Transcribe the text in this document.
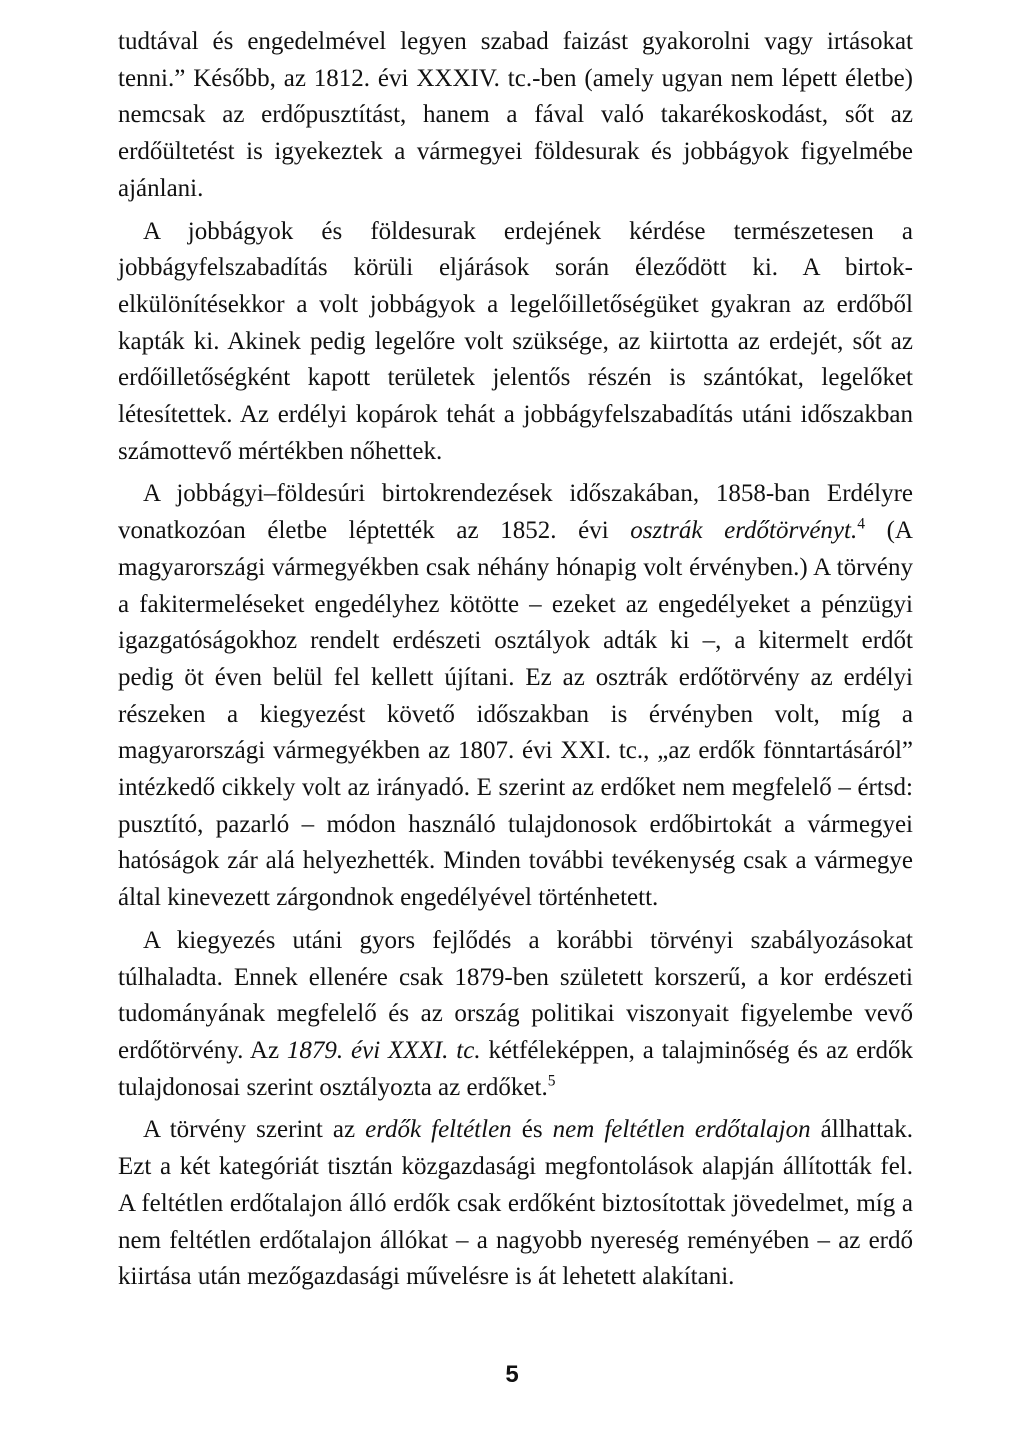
tudtával és engedelmével legyen szabad faizást gyakorolni vagy irtásokat tenni.” Később, az 1812. évi XXXIV. tc.-ben (amely ugyan nem lépett életbe) nemcsak az erdőpusztítást, hanem a fával való takarékoskodást, sőt az erdőültetést is igyekeztek a vármegyei földesurak és jobbágyok figyelmébe ajánlani.

A jobbágyok és földesurak erdejének kérdése természetesen a jobbágyfelszabadítás körüli eljárások során éleződött ki. A birtok-elkülönítésekkor a volt jobbágyok a legelőilletőségüket gyakran az erdőből kapták ki. Akinek pedig legelőre volt szüksége, az kiirtotta az erdejét, sőt az erdőilletőségként kapott területek jelentős részén is szántókat, legelőket létesítettek. Az erdélyi kopárok tehát a jobbágyfelszabadítás utáni időszakban számottevő mértékben nőhettek.

A jobbágyi–földesúri birtokrendezések időszakában, 1858-ban Erdélyre vonatkozóan életbe léptették az 1852. évi osztrák erdőtörvényt.$^4$ (A magyarországi vármegyékben csak néhány hónapig volt érvényben.) A törvény a fakitermeléseket engedélyhez kötötte – ezeket az engedélyeket a pénzügyi igazgatóságokhoz rendelt erdészeti osztályok adták ki –, a kitermelt erdőt pedig öt éven belül fel kellett újítani. Ez az osztrák erdőtörvény az erdélyi részeken a kiegyezést követő időszakban is érvényben volt, míg a magyarországi vármegyékben az 1807. évi XXI. tc., „az erdők fönntartásáról” intézkedő cikkely volt az irányadó. E szerint az erdőket nem megfelelő – értsd: pusztító, pazarló – módon használó tulajdonosok erdőbirtokát a vármegyei hatóságok zár alá helyezhették. Minden további tevékenység csak a vármegye által kinevezett zárgondnok engedélyével történhetett.

A kiegyezés utáni gyors fejlődés a korábbi törvényi szabályozásokat túlhaladta. Ennek ellenére csak 1879-ben született korszerű, a kor erdészeti tudományának megfelelő és az ország politikai viszonyait figyelembe vevő erdőtörvény. Az 1879. évi XXXI. tc. kétféleképpen, a talajminőség és az erdők tulajdonosai szerint osztályozta az erdőket.$^5$

A törvény szerint az erdők feltétlen és nem feltétlen erdőtalajon állhattak. Ezt a két kategóriát tisztán közgazdasági megfontolások alapján állították fel. A feltétlen erdőtalajon álló erdők csak erdőként biztosítottak jövedelmet, míg a nem feltétlen erdőtalajon állókat – a nagyobb nyereség reményében – az erdő kiirtása után mezőgazdasági művelésre is át lehetett alakítani.

5
